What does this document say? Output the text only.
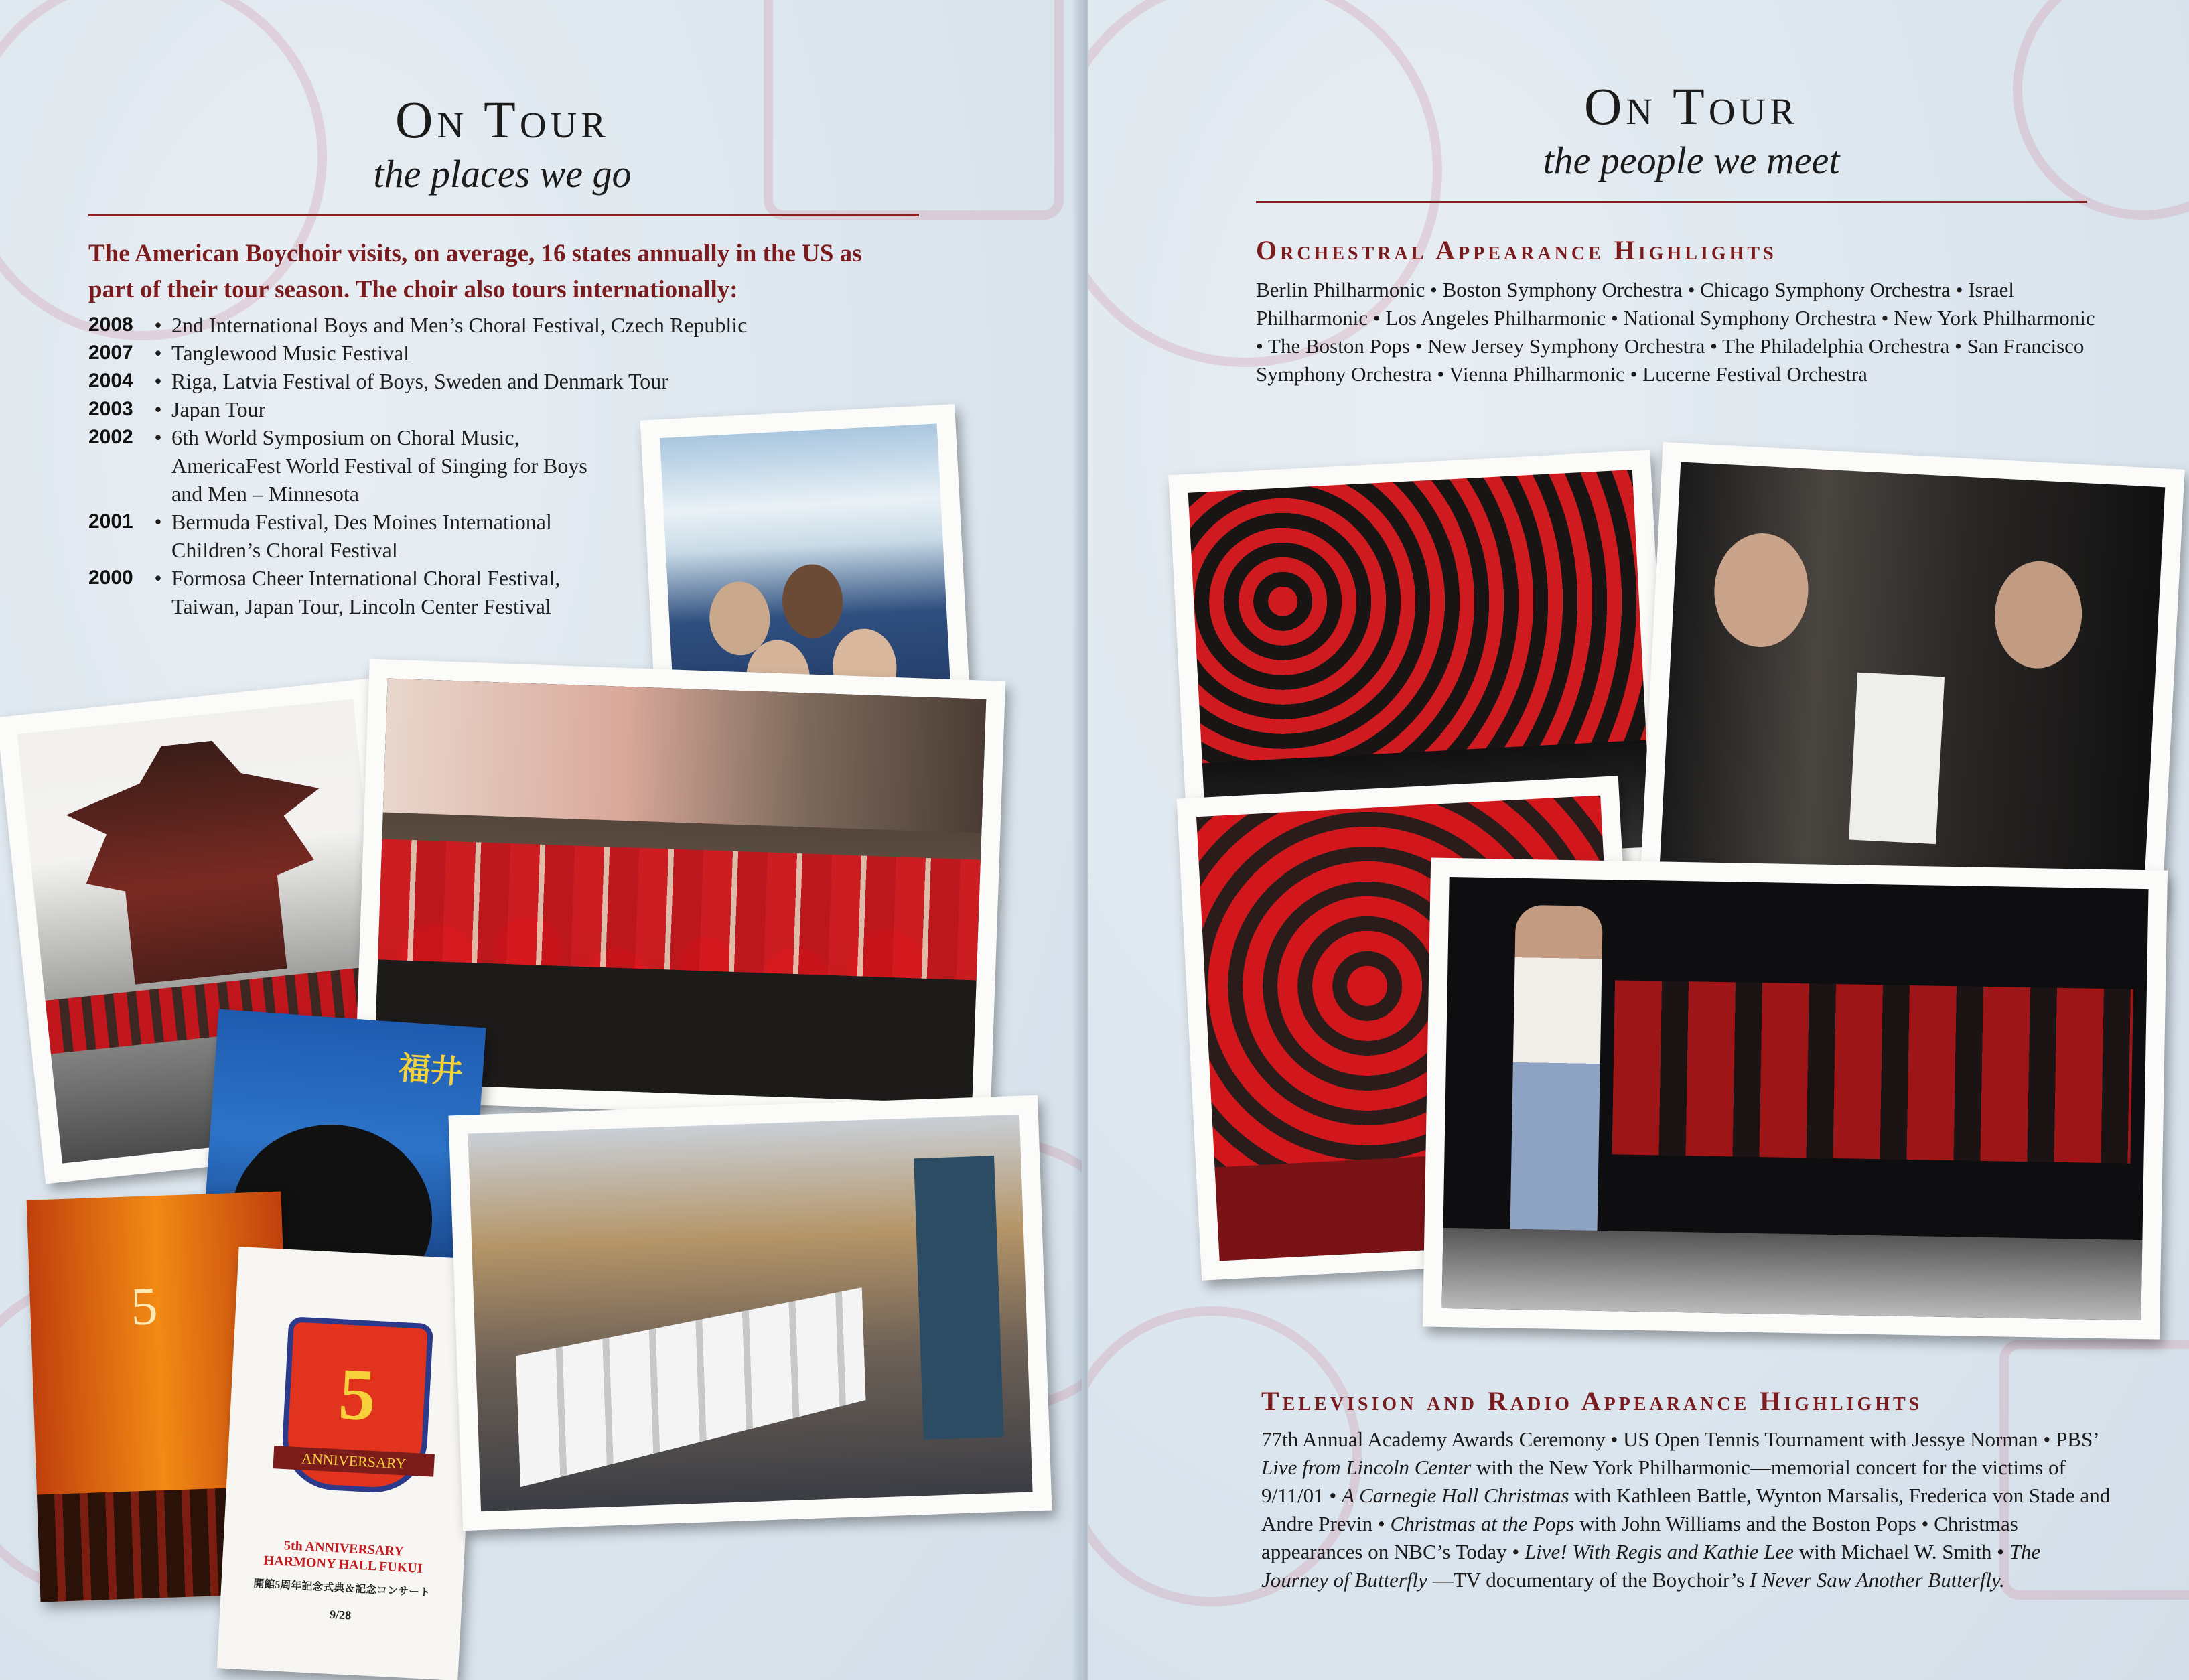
On Tour
the places we go
The American Boychoir visits, on average, 16 states annually in the US as part of their tour season. The choir also tours internationally:
2008 • 2nd International Boys and Men’s Choral Festival, Czech Republic
2007 • Tanglewood Music Festival
2004 • Riga, Latvia Festival of Boys, Sweden and Denmark Tour
2003 • Japan Tour
2002 • 6th World Symposium on Choral Music, AmericaFest World Festival of Singing for Boys and Men – Minnesota
2001 • Bermuda Festival, Des Moines International Children’s Choral Festival
2000 • Formosa Cheer International Choral Festival, Taiwan, Japan Tour, Lincoln Center Festival
福井
5
5
ANNIVERSARY
5th ANNIVERSARY
HARMONY HALL FUKUI
開館5周年記念式典＆記念コンサート
9/28
On Tour
the people we meet
Orchestral Appearance Highlights
Berlin Philharmonic • Boston Symphony Orchestra • Chicago Symphony Orchestra • Israel Philharmonic • Los Angeles Philharmonic • National Symphony Orchestra • New York Philharmonic • The Boston Pops • New Jersey Symphony Orchestra • The Philadelphia Orchestra • San Francisco Symphony Orchestra • Vienna Philharmonic • Lucerne Festival Orchestra
Television and Radio Appearance Highlights
77th Annual Academy Awards Ceremony • US Open Tennis Tournament with Jessye Norman • PBS’ Live from Lincoln Center with the New York Philharmonic—memorial concert for the victims of 9/11/01 • A Carnegie Hall Christmas with Kathleen Battle, Wynton Marsalis, Frederica von Stade and Andre Previn • Christmas at the Pops with John Williams and the Boston Pops • Christmas appearances on NBC’s Today • Live! With Regis and Kathie Lee with Michael W. Smith • The Journey of Butterfly —TV documentary of the Boychoir’s I Never Saw Another Butterfly.
